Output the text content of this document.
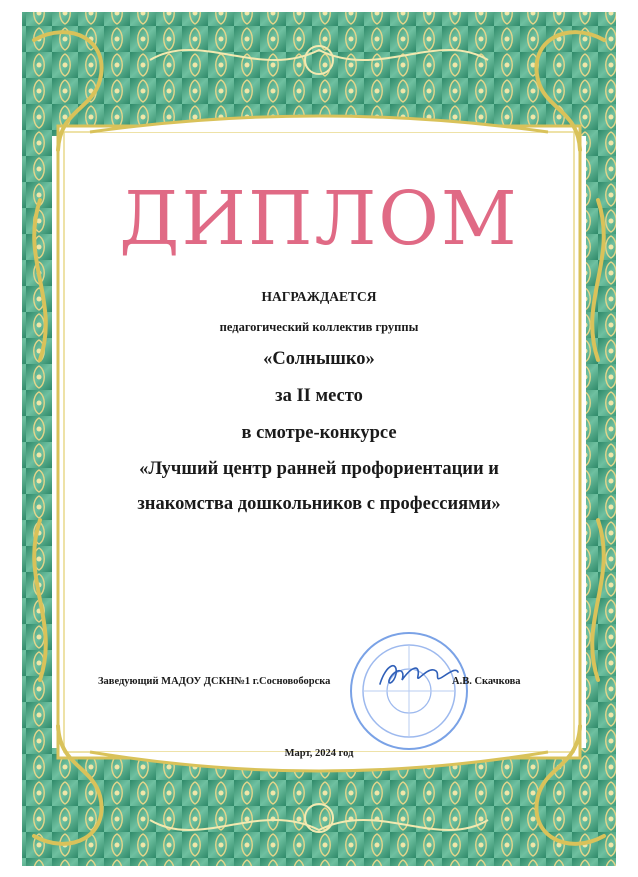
ДИПЛОМ
НАГРАЖДАЕТСЯ
педагогический коллектив группы
«Солнышко»
за II место
в смотре-конкурсе
«Лучший центр ранней профориентации и
знакомства дошкольников с профессиями»
Заведующий МАДОУ ДСКН№1 г.Сосновоборска	А.В. Скачкова
Март, 2024 год
